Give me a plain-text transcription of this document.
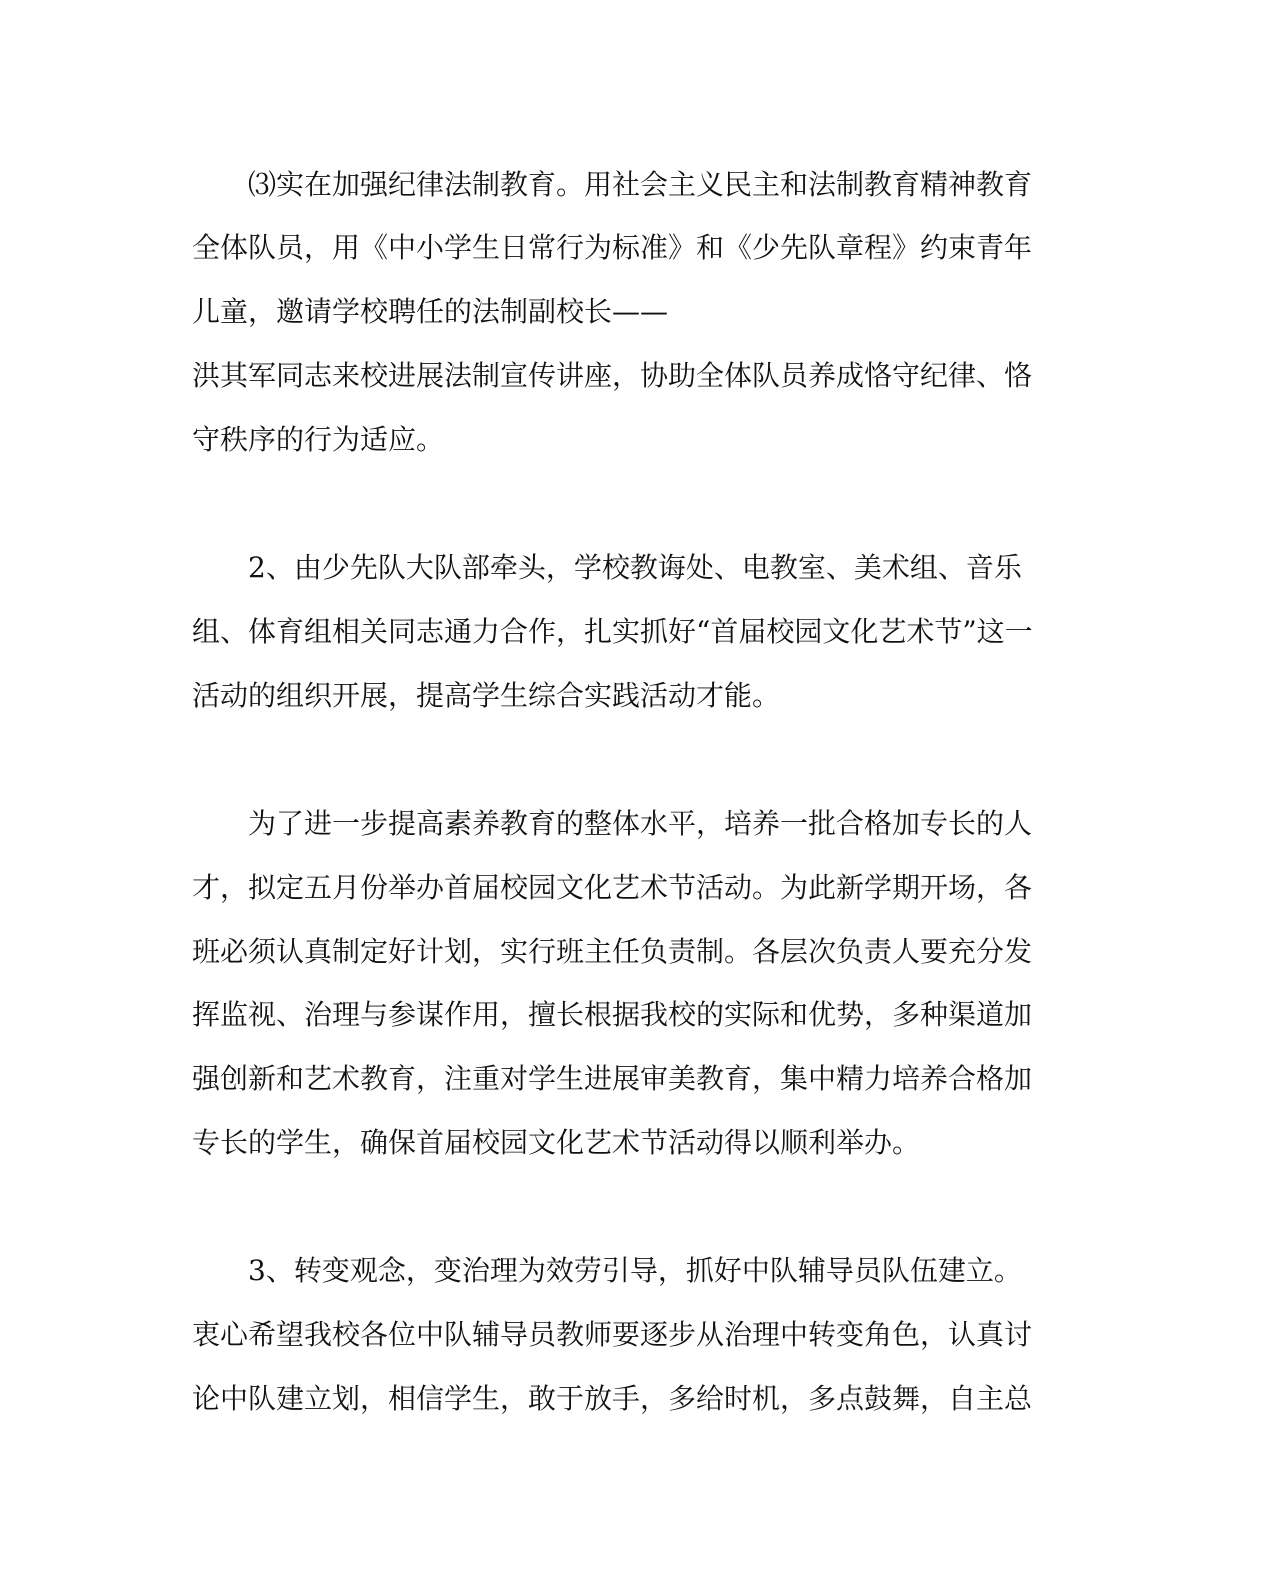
⑶实在加强纪律法制教育。用社会主义民主和法制教育精神教育

全体队员，用《中小学生日常行为标准》和《少先队章程》约束青年

儿童，邀请学校聘任的法制副校长——

洪其军同志来校进展法制宣传讲座，协助全体队员养成恪守纪律、恪

守秩序的行为适应。

2、由少先队大队部牵头，学校教诲处、电教室、美术组、音乐

组、体育组相关同志通力合作，扎实抓好“首届校园文化艺术节”这一

活动的组织开展，提高学生综合实践活动才能。

为了进一步提高素养教育的整体水平，培养一批合格加专长的人

才，拟定五月份举办首届校园文化艺术节活动。为此新学期开场，各

班必须认真制定好计划，实行班主任负责制。各层次负责人要充分发

挥监视、治理与参谋作用，擅长根据我校的实际和优势，多种渠道加

强创新和艺术教育，注重对学生进展审美教育，集中精力培养合格加

专长的学生，确保首届校园文化艺术节活动得以顺利举办。

3、转变观念，变治理为效劳引导，抓好中队辅导员队伍建立。

衷心希望我校各位中队辅导员教师要逐步从治理中转变角色，认真讨

论中队建立划，相信学生，敢于放手，多给时机，多点鼓舞，自主总
